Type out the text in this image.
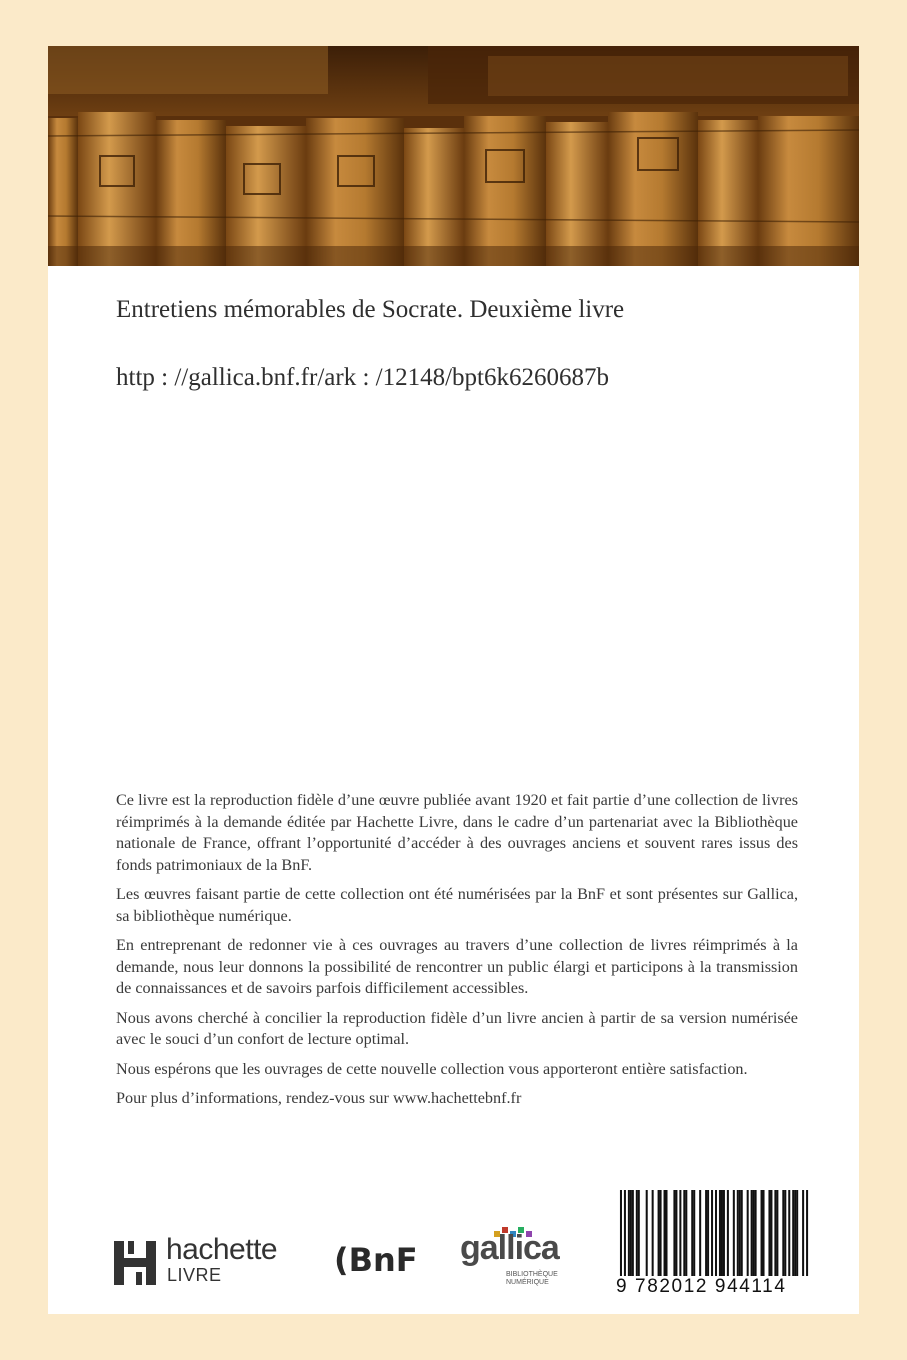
Entretiens mémorables de Socrate. Deuxième livre
http : //gallica.bnf.fr/ark : /12148/bpt6k6260687b

Ce livre est la reproduction fidèle d’une œuvre publiée avant 1920 et fait partie d’une collection de livres réimprimés à la demande éditée par Hachette Livre, dans le cadre d’un partenariat avec la Bibliothèque nationale de France, offrant l’opportunité d’accéder à des ouvrages anciens et souvent rares issus des fonds patrimoniaux de la BnF.

Les œuvres faisant partie de cette collection ont été numérisées par la BnF et sont présentes sur Gallica, sa bibliothèque numérique.

En entreprenant de redonner vie à ces ouvrages au travers d’une collection de livres réimprimés à la demande, nous leur donnons la possibilité de rencontrer un public élargi et participons à la transmission de connaissances et de savoirs parfois difficilement accessibles.

Nous avons cherché à concilier la reproduction fidèle d’un livre ancien à partir de sa version numérisée avec le souci d’un confort de lecture optimal.

Nous espérons que les ouvrages de cette nouvelle collection vous apporteront entière satisfaction.

Pour plus d’informations, rendez-vous sur www.hachettebnf.fr

hachette
LIVRE	(BnF gallica
BIBLIOTHÈQUE
NUMÉRIQUE	9 782012 944114
